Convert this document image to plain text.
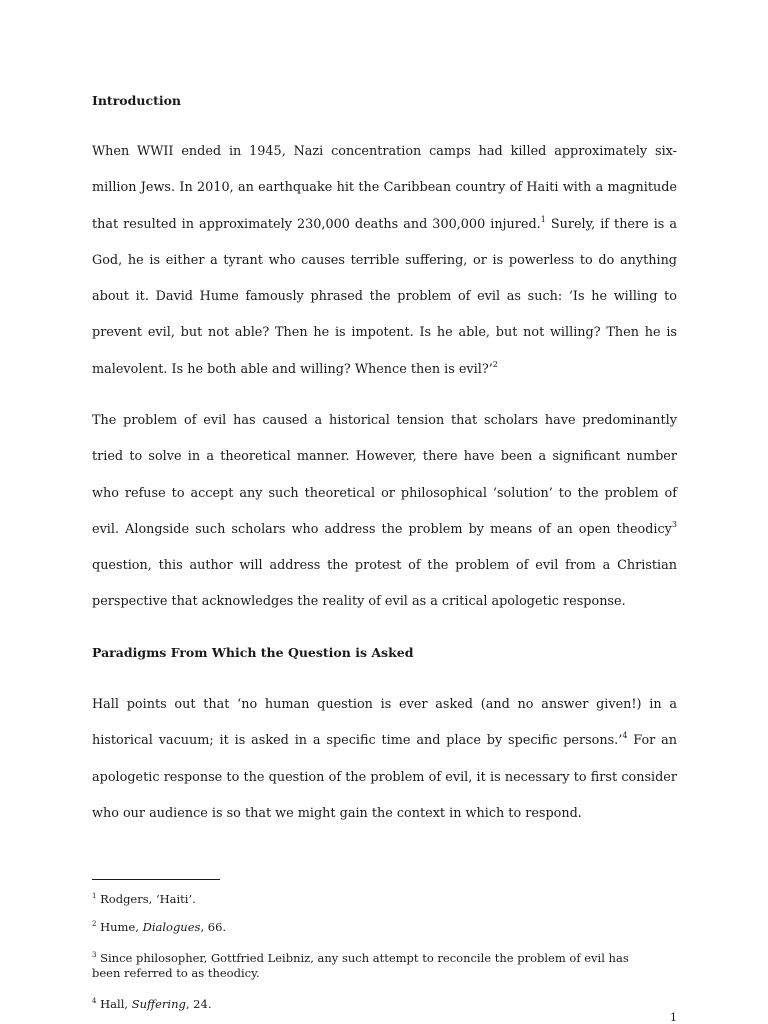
Introduction

When WWII ended in 1945, Nazi concentration camps had killed approximately six-million Jews. In 2010, an earthquake hit the Caribbean country of Haiti with a magnitude that resulted in approximately 230,000 deaths and 300,000 injured.$^1$ Surely, if there is a God, he is either a tyrant who causes terrible suffering, or is powerless to do anything about it. David Hume famously phrased the problem of evil as such: ‘Is he willing to prevent evil, but not able? Then he is impotent. Is he able, but not willing? Then he is malevolent. Is he both able and willing? Whence then is evil?’$^2$

The problem of evil has caused a historical tension that scholars have predominantly tried to solve in a theoretical manner. However, there have been a significant number who refuse to accept any such theoretical or philosophical ‘solution’ to the problem of evil. Alongside such scholars who address the problem by means of an open theodicy$^3$ question, this author will address the protest of the problem of evil from a Christian perspective that acknowledges the reality of evil as a critical apologetic response.

Paradigms From Which the Question is Asked

Hall points out that ‘no human question is ever asked (and no answer given!) in a historical vacuum; it is asked in a specific time and place by specific persons.’$^4$ For an apologetic response to the question of the problem of evil, it is necessary to first consider who our audience is so that we might gain the context in which to respond.

$^1$ Rodgers, ‘Haiti’.

$^2$ Hume, Dialogues, 66.

$^3$ Since philosopher, Gottfried Leibniz, any such attempt to reconcile the problem of evil has been referred to as theodicy.

$^4$ Hall, Suffering, 24.

1
